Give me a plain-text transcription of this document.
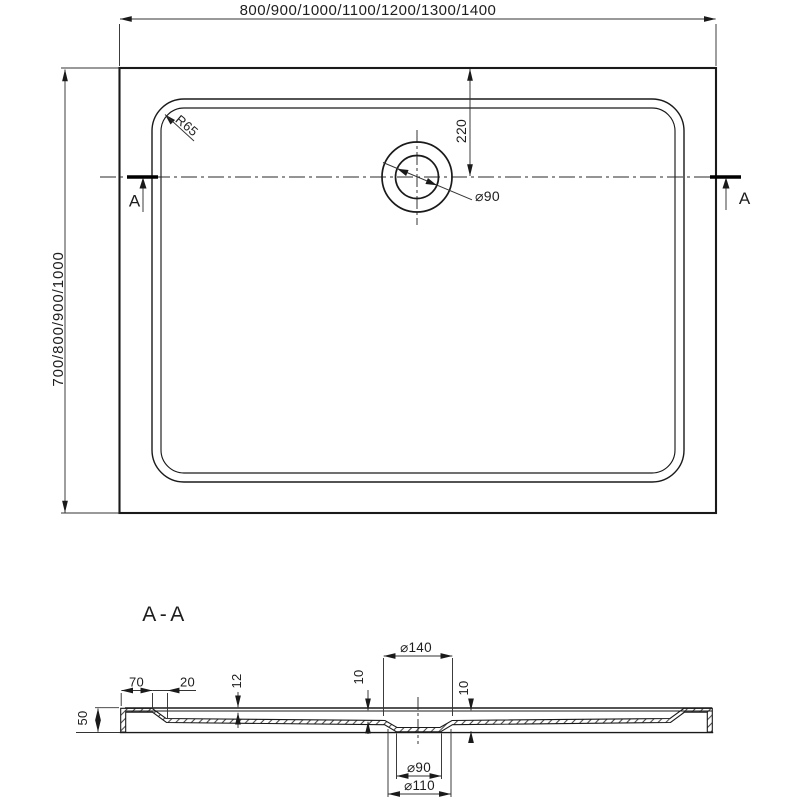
800/900/1000/1100/1200/1300/1400
700/800/900/1000
R65	220
⌀90
A	A
A-A
50
70	20	12	10
10
⌀140
⌀90
⌀110
